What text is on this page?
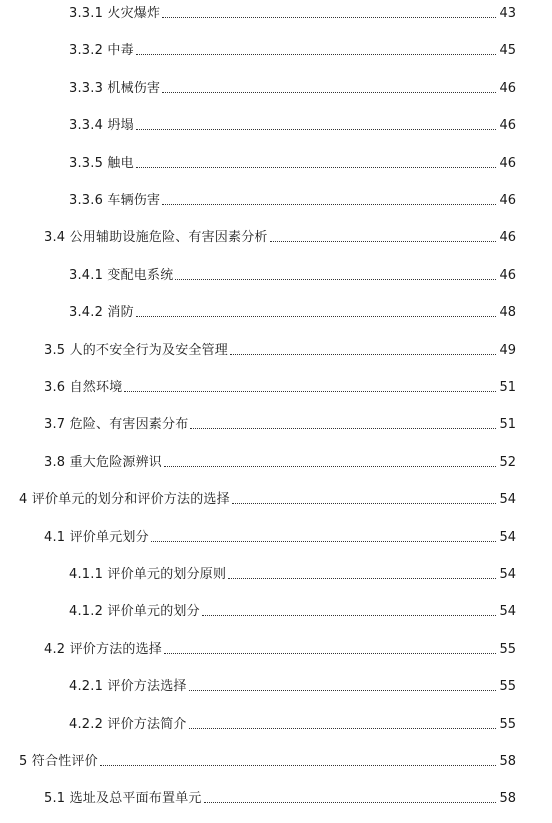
3.3.1 火灾爆炸	43
3.3.2 中毒	45
3.3.3 机械伤害	46
3.3.4 坍塌	46
3.3.5 触电	46
3.3.6 车辆伤害	46
3.4 公用辅助设施危险、有害因素分析	46
3.4.1 变配电系统	46
3.4.2 消防	48
3.5 人的不安全行为及安全管理	49
3.6 自然环境	51
3.7 危险、有害因素分布	51
3.8 重大危险源辨识	52
4 评价单元的划分和评价方法的选择	54
4.1 评价单元划分	54
4.1.1 评价单元的划分原则	54
4.1.2 评价单元的划分	54
4.2 评价方法的选择	55
4.2.1 评价方法选择	55
4.2.2 评价方法简介	55
5 符合性评价	58
5.1 选址及总平面布置单元	58
